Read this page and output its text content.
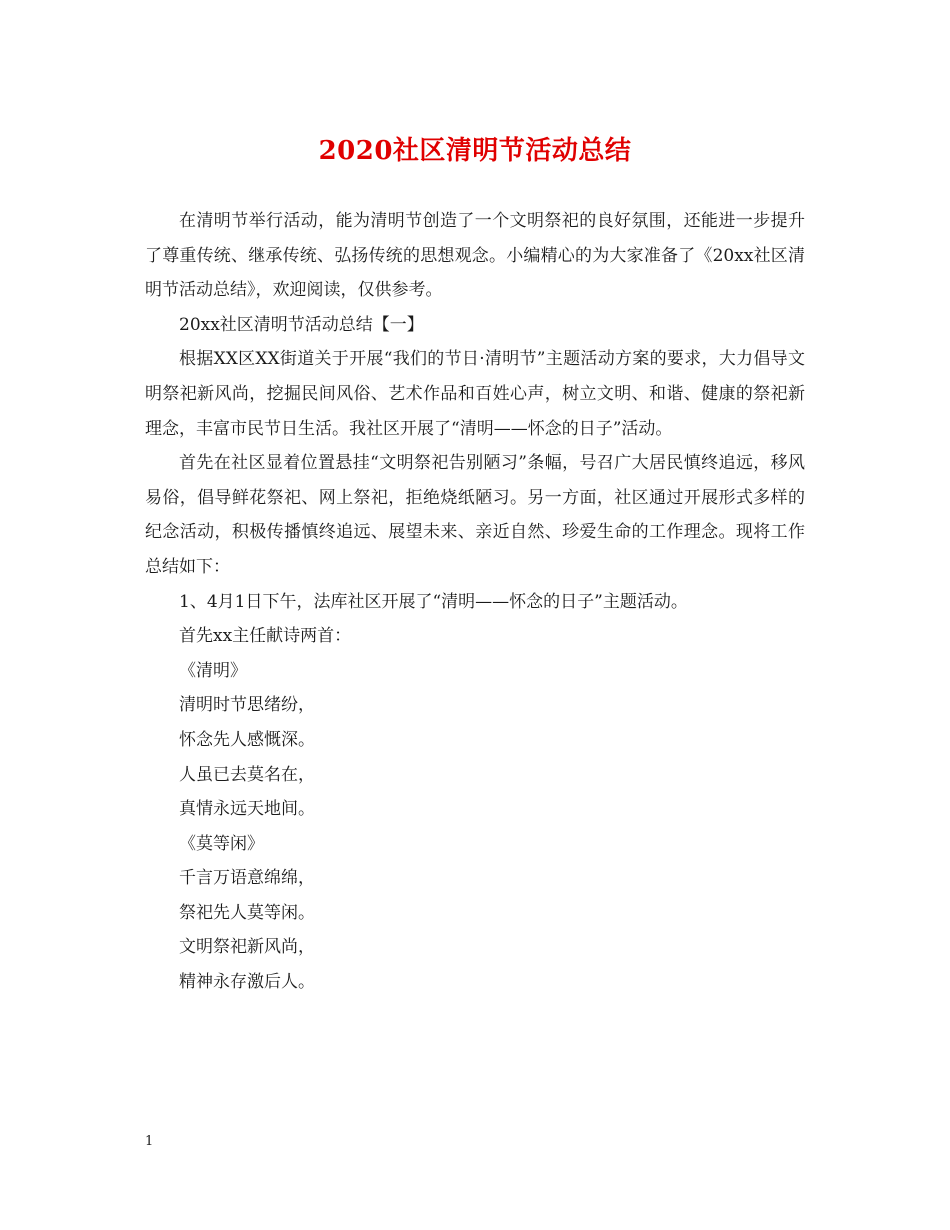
2020社区清明节活动总结

在清明节举行活动，能为清明节创造了一个文明祭祀的良好氛围，还能进一步提升了尊重传统、继承传统、弘扬传统的思想观念。小编精心的为大家准备了《20xx社区清明节活动总结》，欢迎阅读，仅供参考。

20xx社区清明节活动总结【一】

根据XX区XX街道关于开展“我们的节日·清明节”主题活动方案的要求，大力倡导文明祭祀新风尚，挖掘民间风俗、艺术作品和百姓心声，树立文明、和谐、健康的祭祀新理念，丰富市民节日生活。我社区开展了“清明——怀念的日子”活动。

首先在社区显着位置悬挂“文明祭祀告别陋习”条幅，号召广大居民慎终追远，移风易俗，倡导鲜花祭祀、网上祭祀，拒绝烧纸陋习。另一方面，社区通过开展形式多样的纪念活动，积极传播慎终追远、展望未来、亲近自然、珍爱生命的工作理念。现将工作总结如下：

1、4月1日下午，法库社区开展了“清明——怀念的日子”主题活动。

首先xx主任献诗两首：

《清明》

清明时节思绪纷，

怀念先人感慨深。

人虽已去莫名在，

真情永远天地间。

《莫等闲》

千言万语意绵绵，

祭祀先人莫等闲。

文明祭祀新风尚，

精神永存激后人。

1
